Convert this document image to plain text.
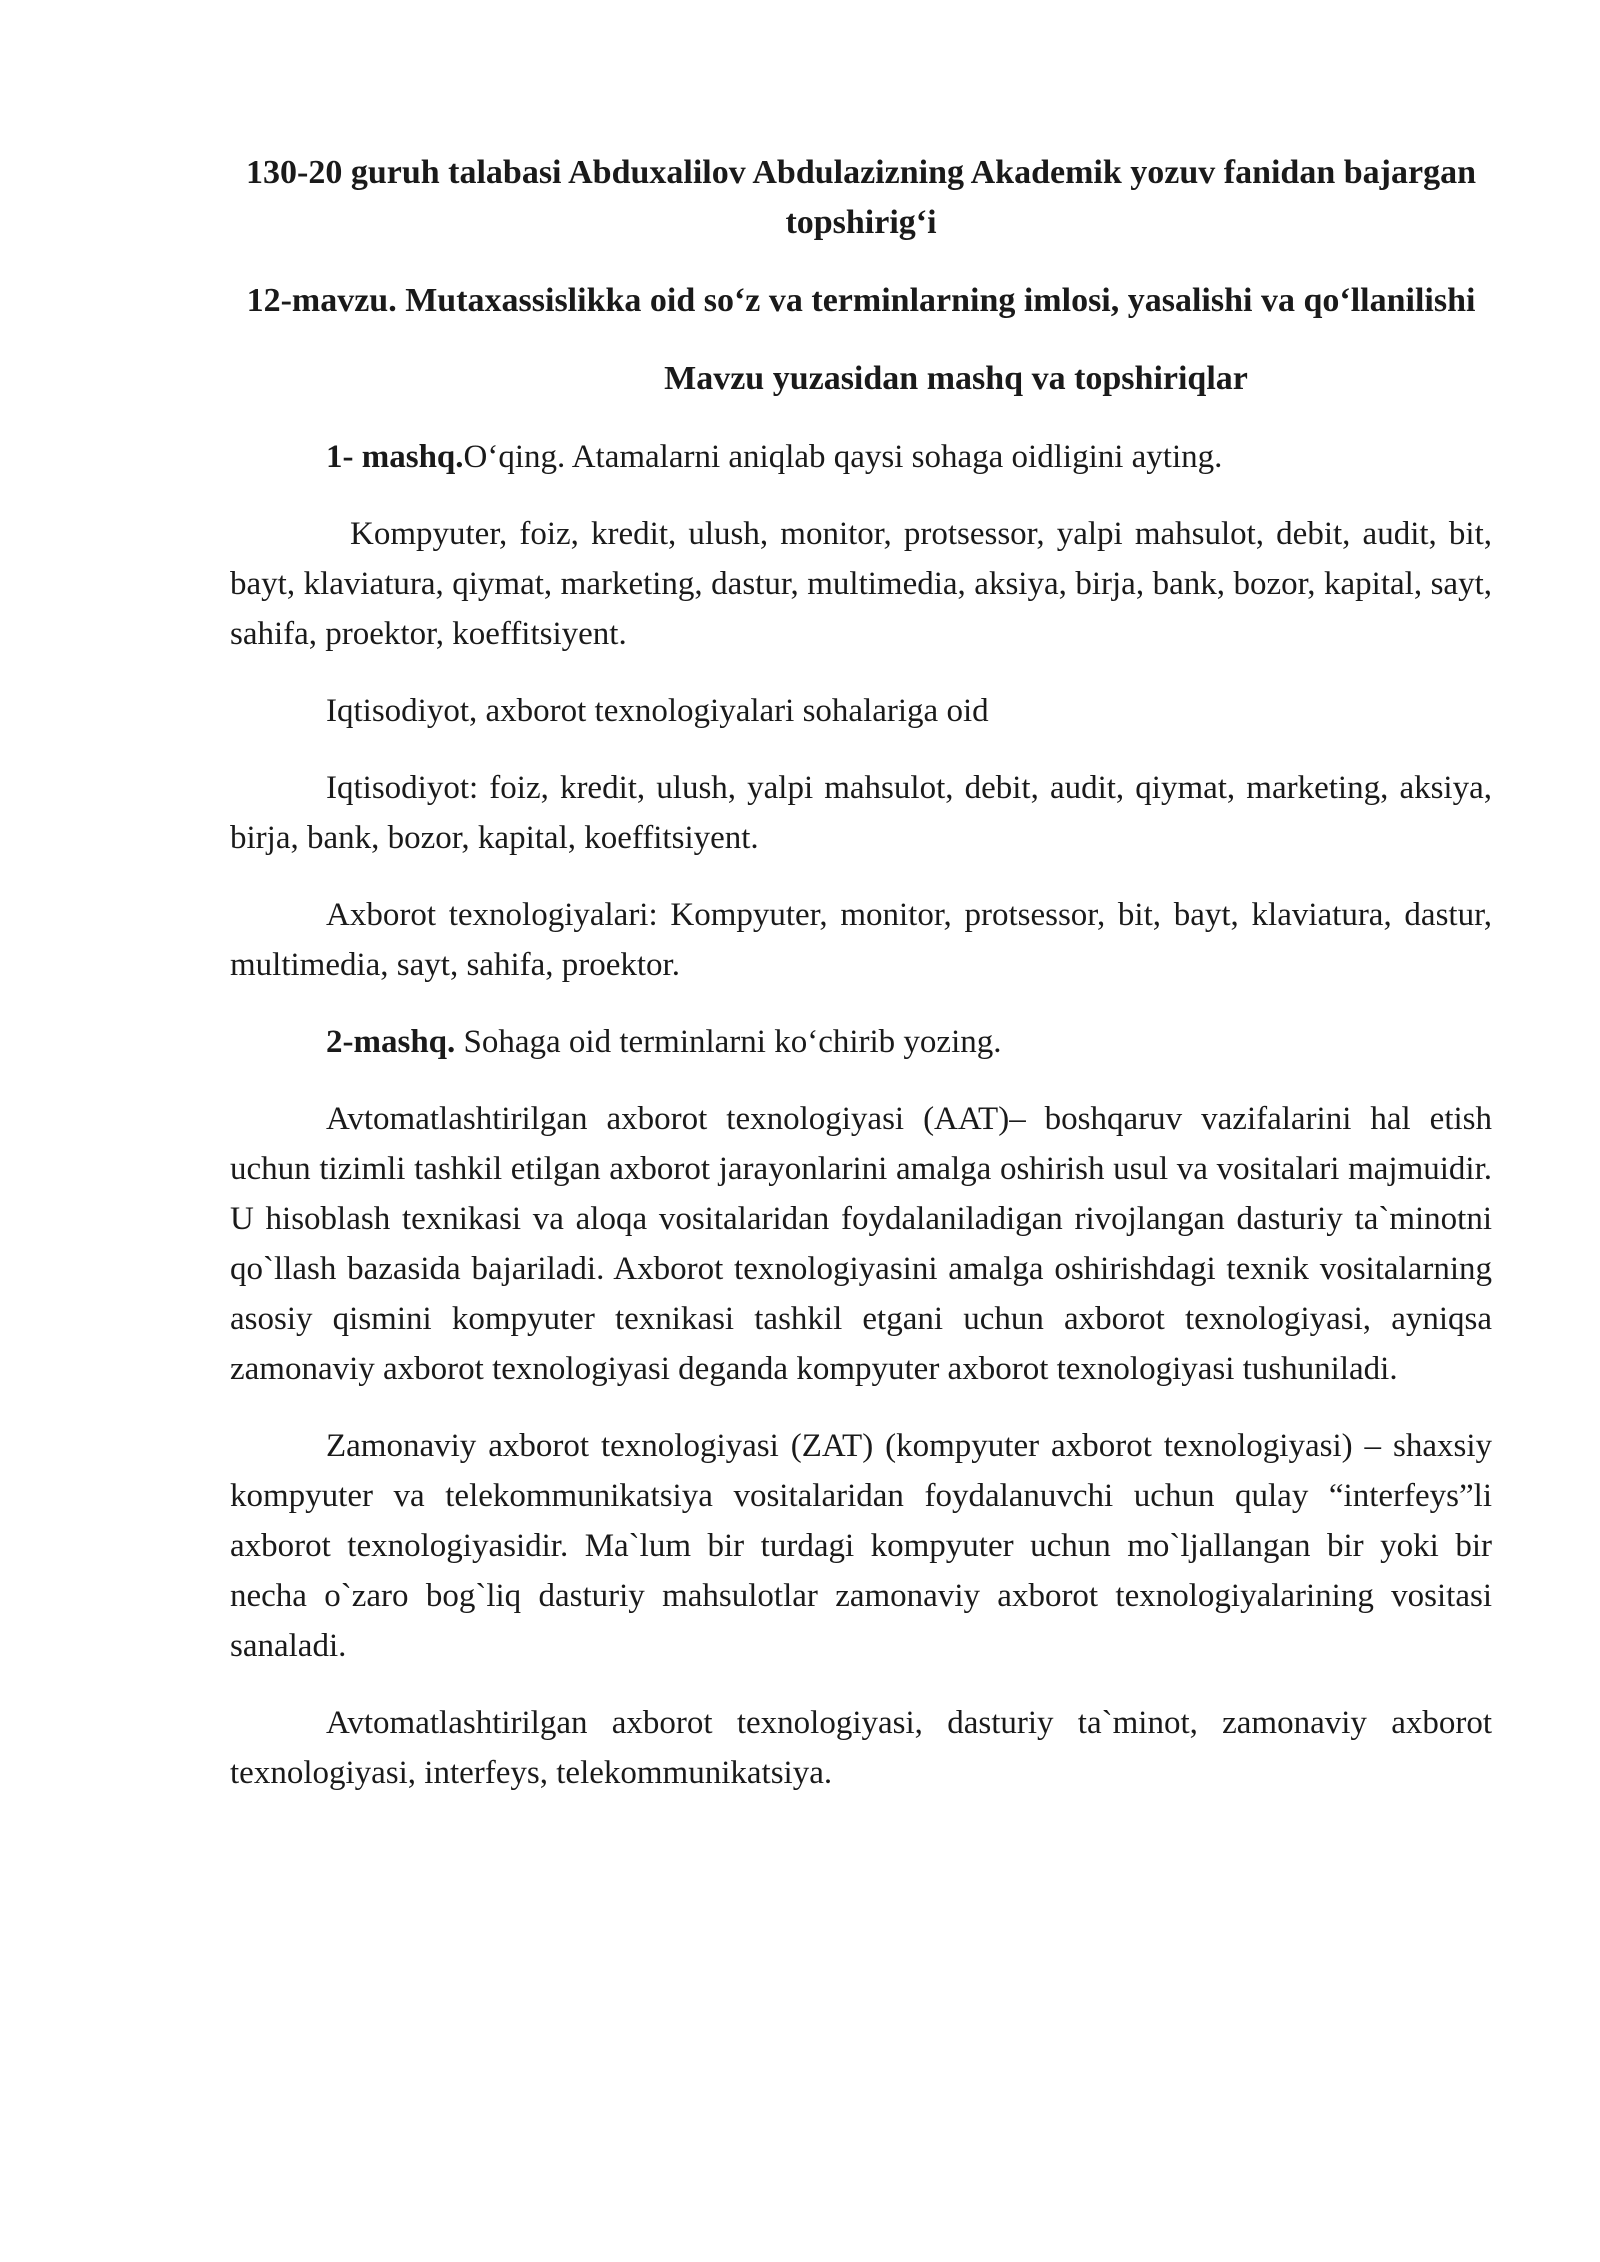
130-20 guruh talabasi Abduxalilov Abdulazizning Akademik yozuv fanidan bajargan topshirig‘i
12-mavzu. Mutaxassislikka oid so‘z va terminlarning imlosi, yasalishi va qo‘llanilishi
Mavzu yuzasidan mashq va topshiriqlar

1- mashq.O‘qing. Atamalarni aniqlab qaysi sohaga oidligini ayting.

Kompyuter, foiz, kredit, ulush, monitor, protsessor, yalpi mahsulot, debit, audit, bit, bayt, klaviatura, qiymat, marketing, dastur, multimedia, aksiya, birja, bank, bozor, kapital, sayt, sahifa, proektor, koeffitsiyent.

Iqtisodiyot, axborot texnologiyalari sohalariga oid

Iqtisodiyot: foiz, kredit, ulush, yalpi mahsulot, debit, audit, qiymat, marketing, aksiya, birja, bank, bozor, kapital, koeffitsiyent.

Axborot texnologiyalari: Kompyuter, monitor, protsessor, bit, bayt, klaviatura, dastur, multimedia, sayt, sahifa, proektor.

2-mashq. Sohaga oid terminlarni ko‘chirib yozing.

Avtomatlashtirilgan axborot texnologiyasi (AAT)– boshqaruv vazifalarini hal etish uchun tizimli tashkil etilgan axborot jarayonlarini amalga oshirish usul va vositalari majmuidir. U hisoblash texnikasi va aloqa vositalaridan foydalaniladigan rivojlangan dasturiy ta`minotni qo`llash bazasida bajariladi. Axborot texnologiyasini amalga oshirishdagi texnik vositalarning asosiy qismini kompyuter texnikasi tashkil etgani uchun axborot texnologiyasi, ayniqsa zamonaviy axborot texnologiyasi deganda kompyuter axborot texnologiyasi tushuniladi.

Zamonaviy axborot texnologiyasi (ZAT) (kompyuter axborot texnologiyasi) – shaxsiy kompyuter va telekommunikatsiya vositalaridan foydalanuvchi uchun qulay “interfeys”li axborot texnologiyasidir. Ma`lum bir turdagi kompyuter uchun mo`ljallangan bir yoki bir necha o`zaro bog`liq dasturiy mahsulotlar zamonaviy axborot texnologiyalarining vositasi sanaladi.

Avtomatlashtirilgan axborot texnologiyasi, dasturiy ta`minot, zamonaviy axborot texnologiyasi, interfeys, telekommunikatsiya.
